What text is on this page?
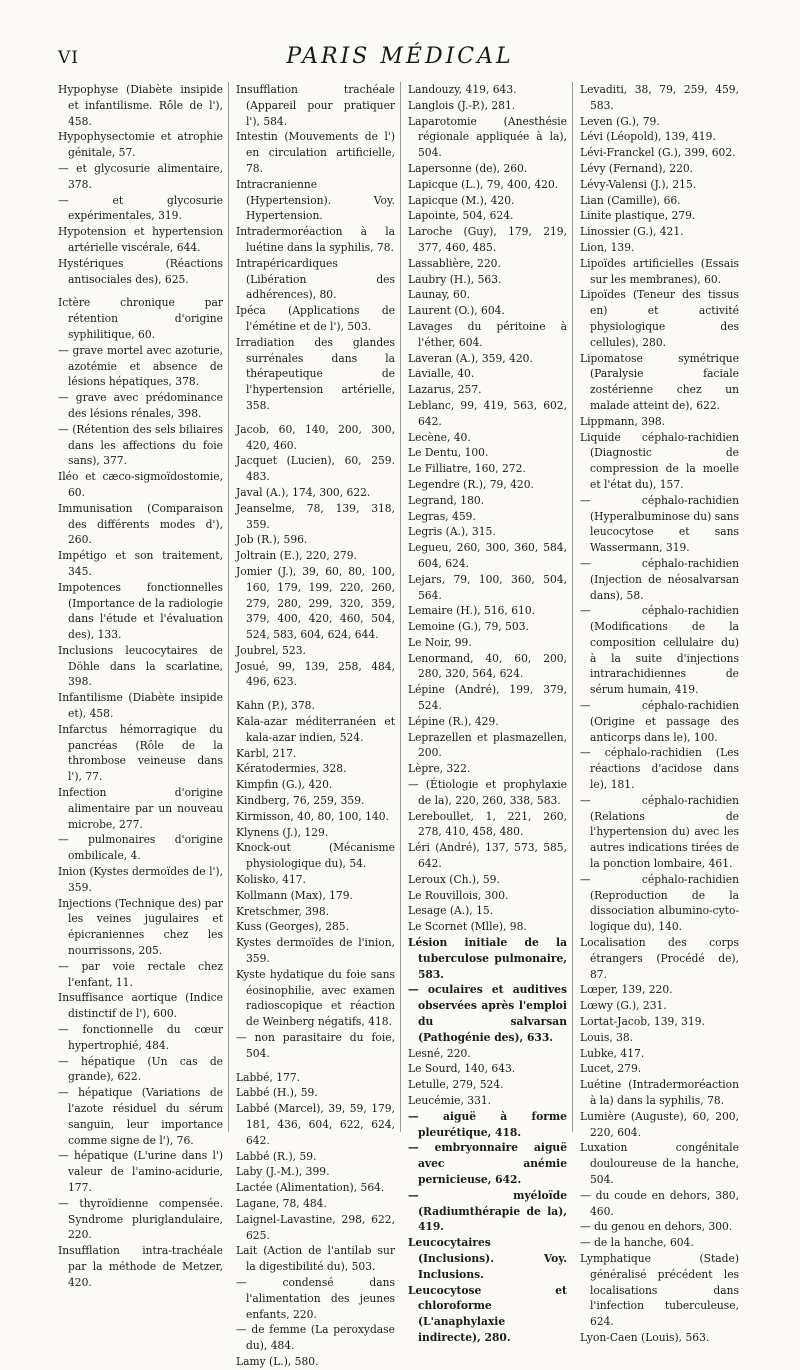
VI	PARIS MÉDICAL

Hypophyse (Diabète insipide et infantilisme. Rôle de l'), 458.

Hypophysectomie et atrophie génitale, 57.

— et glycosurie alimentaire, 378.

— et glycosurie expérimentales, 319.

Hypotension et hypertension artérielle viscérale, 644.

Hystériques (Réactions antisociales des), 625.

Ictère chronique par rétention d'origine syphilitique, 60.

— grave mortel avec azoturie, azotémie et absence de lésions hépatiques, 378.

— grave avec prédominance des lésions rénales, 398.

— (Rétention des sels biliaires dans les affections du foie sans), 377.

Iléo et cæco-sigmoïdostomie, 60.

Immunisation (Comparaison des différents modes d'), 260.

Impétigo et son traitement, 345.

Impotences fonctionnelles (Importance de la radiologie dans l'étude et l'évaluation des), 133.

Inclusions leucocytaires de Döhle dans la scarlatine, 398.

Infantilisme (Diabète insipide et), 458.

Infarctus hémorragique du pancréas (Rôle de la thrombose veineuse dans l'), 77.

Infection d'origine alimentaire par un nouveau microbe, 277.

— pulmonaires d'origine ombilicale, 4.

Inion (Kystes dermoïdes de l'), 359.

Injections (Technique des) par les veines jugulaires et épicraniennes chez les nourrissons, 205.

— par voie rectale chez l'enfant, 11.

Insuffisance aortique (Indice distinctif de l'), 600.

— fonctionnelle du cœur hypertrophié, 484.

— hépatique (Un cas de grande), 622.

— hépatique (Variations de l'azote résiduel du sérum sanguin, leur importance comme signe de l'), 76.

— hépatique (L'urine dans l') valeur de l'amino-acidurie, 177.

— thyroïdienne compensée. Syndrome pluriglandulaire, 220.

Insufflation intra-trachéale par la méthode de Metzer, 420.

Insufflation trachéale (Appareil pour pratiquer l'), 584.

Intestin (Mouvements de l') en circulation artificielle, 78.

Intracranienne (Hypertension). Voy. Hypertension.

Intradermoréaction à la luétine dans la syphilis, 78.

Intrapéricardiques (Libération des adhérences), 80.

Ipéca (Applications de l'émétine et de l'), 503.

Irradiation des glandes surrénales dans la thérapeutique de l'hypertension artérielle, 358.

Jacob, 60, 140, 200, 300, 420, 460.

Jacquet (Lucien), 60, 259. 483.

Javal (A.), 174, 300, 622.

Jeanselme, 78, 139, 318, 359.

Job (R.), 596.

Joltrain (E.), 220, 279.

Jomier (J.), 39, 60, 80, 100, 160, 179, 199, 220, 260, 279, 280, 299, 320, 359, 379, 400, 420, 460, 504, 524, 583, 604, 624, 644.

Joubrel, 523.

Josué, 99, 139, 258, 484, 496, 623.

Kahn (P.), 378.

Kala-azar méditerranéen et kala-azar indien, 524.

Karbl, 217.

Kératodermies, 328.

Kimpfin (G.), 420.

Kindberg, 76, 259, 359.

Kirmisson, 40, 80, 100, 140.

Klynens (J.), 129.

Knock-out (Mécanisme physiologique du), 54.

Kolisko, 417.

Kollmann (Max), 179.

Kretschmer, 398.

Kuss (Georges), 285.

Kystes dermoïdes de l'inion, 359.

Kyste hydatique du foie sans éosinophilie, avec examen radioscopique et réaction de Weinberg négatifs, 418.

— non parasitaire du foie, 504.

Labbé, 177.

Labbé (H.), 59.

Labbé (Marcel), 39, 59, 179, 181, 436, 604, 622, 624, 642.

Labbé (R.), 59.

Laby (J.-M.), 399.

Lactée (Alimentation), 564.

Lagane, 78, 484.

Laignel-Lavastine, 298, 622, 625.

Lait (Action de l'antilab sur la digestibilité du), 503.

— condensé dans l'alimentation des jeunes enfants, 220.

— de femme (La peroxydase du), 484.

Lamy (L.), 580.

Landouzy, 419, 643.

Langlois (J.-P.), 281.

Laparotomie (Anesthésie régionale appliquée à la), 504.

Lapersonne (de), 260.

Lapicque (L.), 79, 400, 420.

Lapicque (M.), 420.

Lapointe, 504, 624.

Laroche (Guy), 179, 219, 377, 460, 485.

Lassablière, 220.

Laubry (H.), 563.

Launay, 60.

Laurent (O.), 604.

Lavages du péritoine à l'éther, 604.

Laveran (A.), 359, 420.

Lavialle, 40.

Lazarus, 257.

Leblanc, 99, 419, 563, 602, 642.

Lecène, 40.

Le Dentu, 100.

Le Filliatre, 160, 272.

Legendre (R.), 79, 420.

Legrand, 180.

Legras, 459.

Legris (A.), 315.

Legueu, 260, 300, 360, 584, 604, 624.

Lejars, 79, 100, 360, 504, 564.

Lemaire (H.), 516, 610.

Lemoine (G.), 79, 503.

Le Noir, 99.

Lenormand, 40, 60, 200, 280, 320, 564, 624.

Lépine (André), 199, 379, 524.

Lépine (R.), 429.

Leprazellen et plasmazellen, 200.

Lèpre, 322.

— (Étiologie et prophylaxie de la), 220, 260, 338, 583.

Lereboullet, 1, 221, 260, 278, 410, 458, 480.

Léri (André), 137, 573, 585, 642.

Leroux (Ch.), 59.

Le Rouvillois, 300.

Lesage (A.), 15.

Le Scornet (Mlle), 98.

Lésion initiale de la tuberculose pulmonaire, 583.

— oculaires et auditives observées après l'emploi du salvarsan (Pathogénie des), 633.

Lesné, 220.

Le Sourd, 140, 643.

Letulle, 279, 524.

Leucémie, 331.

— aiguë à forme pleurétique, 418.

— embryonnaire aiguë avec anémie pernicieuse, 642.

— myéloïde (Radiumthérapie de la), 419.

Leucocytaires (Inclusions). Voy. Inclusions.

Leucocytose et chloroforme (L'anaphylaxie indirecte), 280.

Levaditi, 38, 79, 259, 459, 583.

Leven (G.), 79.

Lévi (Léopold), 139, 419.

Lévi-Franckel (G.), 399, 602.

Lévy (Fernand), 220.

Lévy-Valensi (J.), 215.

Lian (Camille), 66.

Linite plastique, 279.

Linossier (G.), 421.

Lion, 139.

Lipoïdes artificielles (Essais sur les membranes), 60.

Lipoïdes (Teneur des tissus en) et activité physiologique des cellules), 280.

Lipomatose symétrique (Paralysie faciale zostérienne chez un malade atteint de), 622.

Lippmann, 398.

Liquide céphalo-rachidien (Diagnostic de compression de la moelle et l'état du), 157.

— céphalo-rachidien (Hyperalbuminose du) sans leucocytose et sans Wassermann, 319.

— céphalo-rachidien (Injection de néosalvarsan dans), 58.

— céphalo-rachidien (Modifications de la composition cellulaire du) à la suite d'injections intrarachidiennes de sérum humain, 419.

— céphalo-rachidien (Origine et passage des anticorps dans le), 100.

— céphalo-rachidien (Les réactions d'acidose dans le), 181.

— céphalo-rachidien (Relations de l'hypertension du) avec les autres indications tirées de la ponction lombaire, 461.

— céphalo-rachidien (Reproduction de la dissociation albumino-cyto-logique du), 140.

Localisation des corps étrangers (Procédé de), 87.

Lœper, 139, 220.

Lœwy (G.), 231.

Lortat-Jacob, 139, 319.

Louis, 38.

Lubke, 417.

Lucet, 279.

Luétine (Intradermoréaction à la) dans la syphilis, 78.

Lumière (Auguste), 60, 200, 220, 604.

Luxation congénitale douloureuse de la hanche, 504.

— du coude en dehors, 380, 460.

— du genou en dehors, 300.

— de la hanche, 604.

Lymphatique (Stade) généralisé précédent les localisations dans l'infection tuberculeuse, 624.

Lyon-Caen (Louis), 563.
